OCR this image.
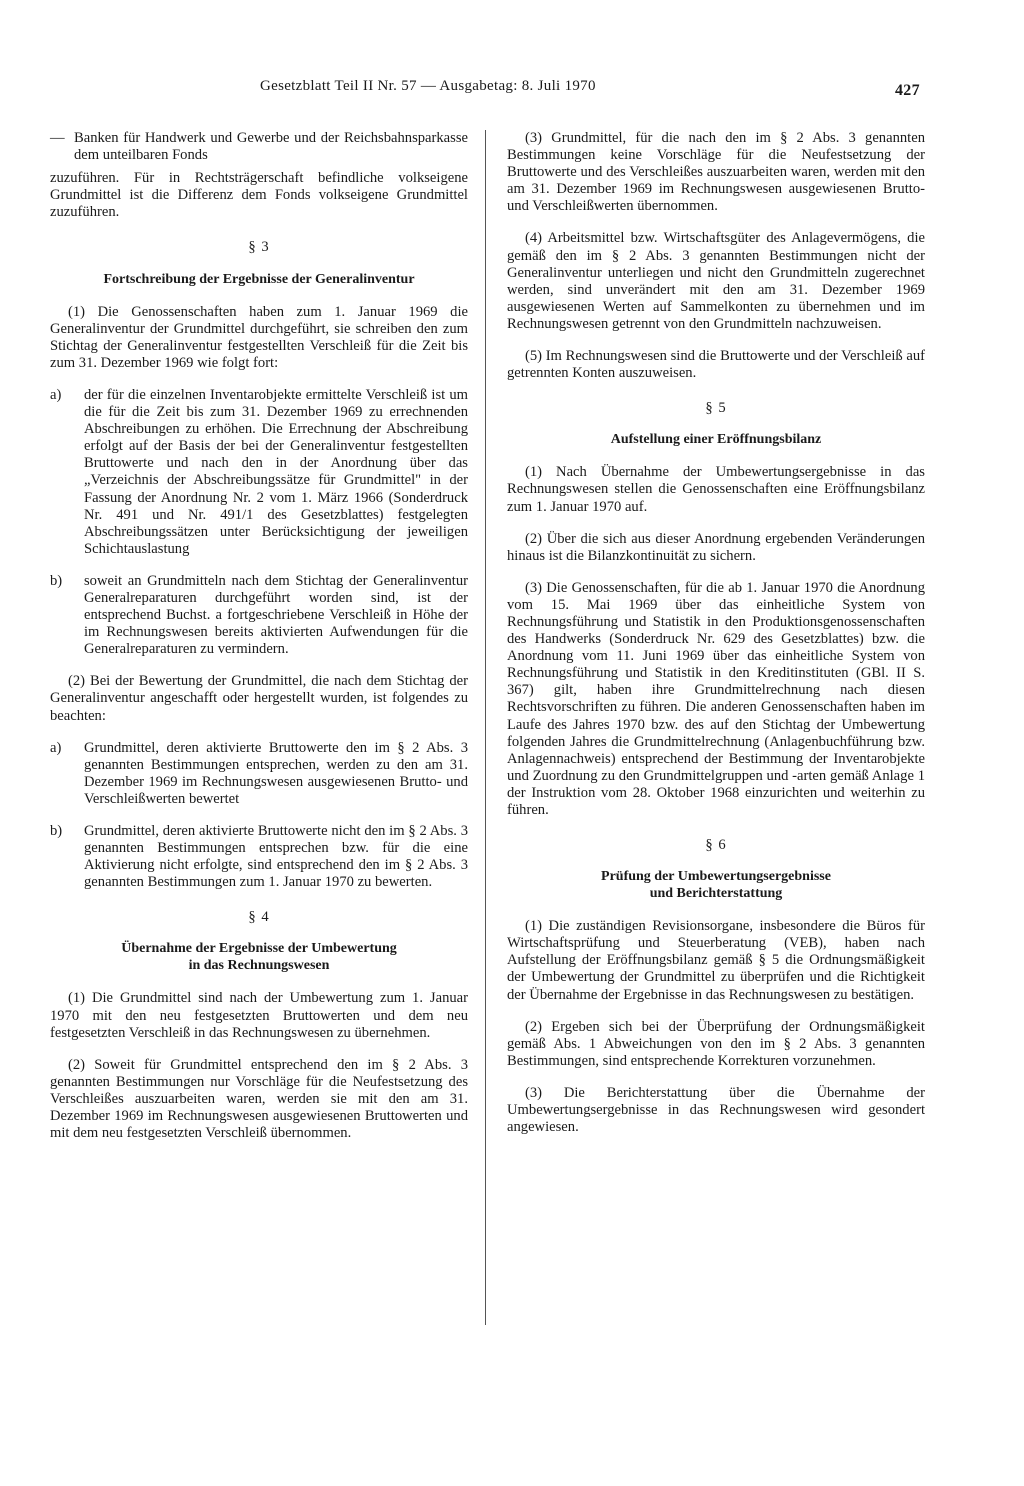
Gesetzblatt Teil II Nr. 57 — Ausgabetag: 8. Juli 1970	427
— Banken für Handwerk und Gewerbe und der Reichsbahnsparkasse dem unteilbaren Fonds

zuzuführen. Für in Rechtsträgerschaft befindliche volkseigene Grundmittel ist die Differenz dem Fonds volkseigene Grundmittel zuzuführen.

§ 3
Fortschreibung der Ergebnisse der Generalinventur

(1) Die Genossenschaften haben zum 1. Januar 1969 die Generalinventur der Grundmittel durchgeführt, sie schreiben den zum Stichtag der Generalinventur festgestellten Verschleiß für die Zeit bis zum 31. Dezember 1969 wie folgt fort:

a) der für die einzelnen Inventarobjekte ermittelte Verschleiß ist um die für die Zeit bis zum 31. Dezember 1969 zu errechnenden Abschreibungen zu erhöhen. Die Errechnung der Abschreibung erfolgt auf der Basis der bei der Generalinventur festgestellten Bruttowerte und nach den in der Anordnung über das „Verzeichnis der Abschreibungssätze für Grundmittel" in der Fassung der Anordnung Nr. 2 vom 1. März 1966 (Sonderdruck Nr. 491 und Nr. 491/1 des Gesetzblattes) festgelegten Abschreibungssätzen unter Berücksichtigung der jeweiligen Schichtauslastung
b) soweit an Grundmitteln nach dem Stichtag der Generalinventur Generalreparaturen durchgeführt worden sind, ist der entsprechend Buchst. a fortgeschriebene Verschleiß in Höhe der im Rechnungswesen bereits aktivierten Aufwendungen für die Generalreparaturen zu vermindern.

(2) Bei der Bewertung der Grundmittel, die nach dem Stichtag der Generalinventur angeschafft oder hergestellt wurden, ist folgendes zu beachten:

a) Grundmittel, deren aktivierte Bruttowerte den im § 2 Abs. 3 genannten Bestimmungen entsprechen, werden zu den am 31. Dezember 1969 im Rechnungswesen ausgewiesenen Brutto- und Verschleißwerten bewertet
b) Grundmittel, deren aktivierte Bruttowerte nicht den im § 2 Abs. 3 genannten Bestimmungen entsprechen bzw. für die eine Aktivierung nicht erfolgte, sind entsprechend den im § 2 Abs. 3 genannten Bestimmungen zum 1. Januar 1970 zu bewerten.
§ 4
Übernahme der Ergebnisse der Umbewertung
in das Rechnungswesen

(1) Die Grundmittel sind nach der Umbewertung zum 1. Januar 1970 mit den neu festgesetzten Bruttowerten und dem neu festgesetzten Verschleiß in das Rechnungswesen zu übernehmen.

(2) Soweit für Grundmittel entsprechend den im § 2 Abs. 3 genannten Bestimmungen nur Vorschläge für die Neufestsetzung des Verschleißes auszuarbeiten waren, werden sie mit den am 31. Dezember 1969 im Rechnungswesen ausgewiesenen Bruttowerten und mit dem neu festgesetzten Verschleiß übernommen.

(3) Grundmittel, für die nach den im § 2 Abs. 3 genannten Bestimmungen keine Vorschläge für die Neufestsetzung der Bruttowerte und des Verschleißes auszuarbeiten waren, werden mit den am 31. Dezember 1969 im Rechnungswesen ausgewiesenen Brutto- und Verschleißwerten übernommen.

(4) Arbeitsmittel bzw. Wirtschaftsgüter des Anlagevermögens, die gemäß den im § 2 Abs. 3 genannten Bestimmungen nicht der Generalinventur unterliegen und nicht den Grundmitteln zugerechnet werden, sind unverändert mit den am 31. Dezember 1969 ausgewiesenen Werten auf Sammelkonten zu übernehmen und im Rechnungswesen getrennt von den Grundmitteln nachzuweisen.

(5) Im Rechnungswesen sind die Bruttowerte und der Verschleiß auf getrennten Konten auszuweisen.

§ 5
Aufstellung einer Eröffnungsbilanz

(1) Nach Übernahme der Umbewertungsergebnisse in das Rechnungswesen stellen die Genossenschaften eine Eröffnungsbilanz zum 1. Januar 1970 auf.

(2) Über die sich aus dieser Anordnung ergebenden Veränderungen hinaus ist die Bilanzkontinuität zu sichern.

(3) Die Genossenschaften, für die ab 1. Januar 1970 die Anordnung vom 15. Mai 1969 über das einheitliche System von Rechnungsführung und Statistik in den Produktionsgenossenschaften des Handwerks (Sonderdruck Nr. 629 des Gesetzblattes) bzw. die Anordnung vom 11. Juni 1969 über das einheitliche System von Rechnungsführung und Statistik in den Kreditinstituten (GBl. II S. 367) gilt, haben ihre Grundmittelrechnung nach diesen Rechtsvorschriften zu führen. Die anderen Genossenschaften haben im Laufe des Jahres 1970 bzw. des auf den Stichtag der Umbewertung folgenden Jahres die Grundmittelrechnung (Anlagenbuchführung bzw. Anlagennachweis) entsprechend der Bestimmung der Inventarobjekte und Zuordnung zu den Grundmittelgruppen und -arten gemäß Anlage 1 der Instruktion vom 28. Oktober 1968 einzurichten und weiterhin zu führen.

§ 6
Prüfung der Umbewertungsergebnisse
und Berichterstattung

(1) Die zuständigen Revisionsorgane, insbesondere die Büros für Wirtschaftsprüfung und Steuerberatung (VEB), haben nach Aufstellung der Eröffnungsbilanz gemäß § 5 die Ordnungsmäßigkeit der Umbewertung der Grundmittel zu überprüfen und die Richtigkeit der Übernahme der Ergebnisse in das Rechnungswesen zu bestätigen.

(2) Ergeben sich bei der Überprüfung der Ordnungsmäßigkeit gemäß Abs. 1 Abweichungen von den im § 2 Abs. 3 genannten Bestimmungen, sind entsprechende Korrekturen vorzunehmen.

(3) Die Berichterstattung über die Übernahme der Umbewertungsergebnisse in das Rechnungswesen wird gesondert angewiesen.
